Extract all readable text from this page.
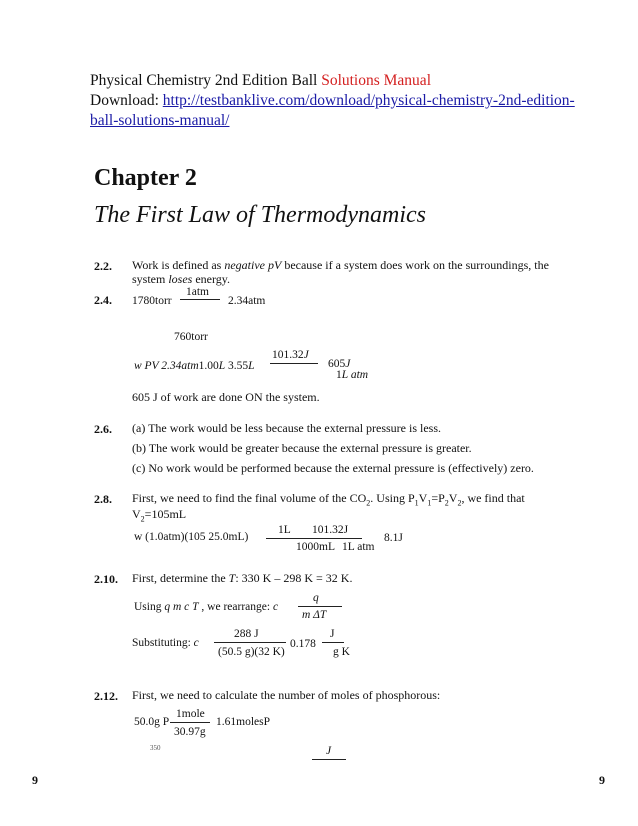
Physical Chemistry 2nd Edition Ball Solutions Manual
Download: http://testbanklive.com/download/physical-chemistry-2nd-edition-
ball-solutions-manual/
Chapter 2
The First Law of Thermodynamics
2.2. Work is defined as negative pV because if a system does work on the surroundings, the
system loses energy.
2.4.
1atm
1780torr	2.34atm
760torr
w PV 2.34atm1.00L 3.55L
101.32J
605J
1L atm
605 J of work are done ON the system.
2.6. (a) The work would be less because the external pressure is less.
(b) The work would be greater because the external pressure is greater.
(c) No work would be performed because the external pressure is (effectively) zero.
2.8. First, we need to find the final volume of the $CO_2$. Using $P_1V_1=P_2V_2$, we find that
$V_2=105mL$
w (1.0atm)(105 25.0mL)
1L 101.32J
1000mL 1L atm
8.1J
2.10. First, determine the T: 330 K – 298 K = 32 K.
Using q m c T , we rearrange: c
q
m ΔT
Substituting: c
288 J
(50.5 g)(32 K)
0.178
J
g K
2.12. First, we need to calculate the number of moles of phosphorous:
1mole
50.0g P
30.97g
1.61molesP
350	J
9	9
